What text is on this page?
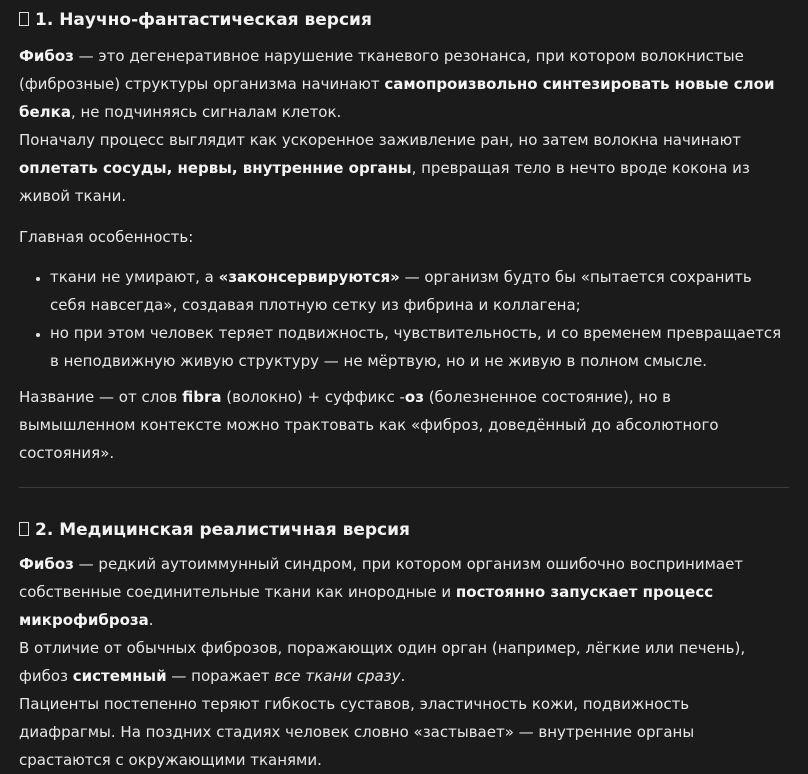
1. Научно-фантастическая версия

Фибоз — это дегенеративное нарушение тканевого резонанса, при котором волокнистые (фиброзные) структуры организма начинают самопроизвольно синтезировать новые слои белка, не подчиняясь сигналам клеток.

Поначалу процесс выглядит как ускоренное заживление ран, но затем волокна начинают оплетать сосуды, нервы, внутренние органы, превращая тело в нечто вроде кокона из живой ткани.

Главная особенность:

• ткани не умирают, а «законсервируются» — организм будто бы «пытается сохранить себя навсегда», создавая плотную сетку из фибрина и коллагена;
• но при этом человек теряет подвижность, чувствительность, и со временем превращается в неподвижную живую структуру — не мёртвую, но и не живую в полном смысле.

Название — от слов fibra (волокно) + суффикс -оз (болезненное состояние), но в вымышленном контексте можно трактовать как «фиброз, доведённый до абсолютного состояния».

2. Медицинская реалистичная версия

Фибоз — редкий аутоиммунный синдром, при котором организм ошибочно воспринимает собственные соединительные ткани как инородные и постоянно запускает процесс микрофиброза.

В отличие от обычных фиброзов, поражающих один орган (например, лёгкие или печень), фибоз системный — поражает все ткани сразу.

Пациенты постепенно теряют гибкость суставов, эластичность кожи, подвижность диафрагмы. На поздних стадиях человек словно «застывает» — внутренние органы срастаются с окружающими тканями.
